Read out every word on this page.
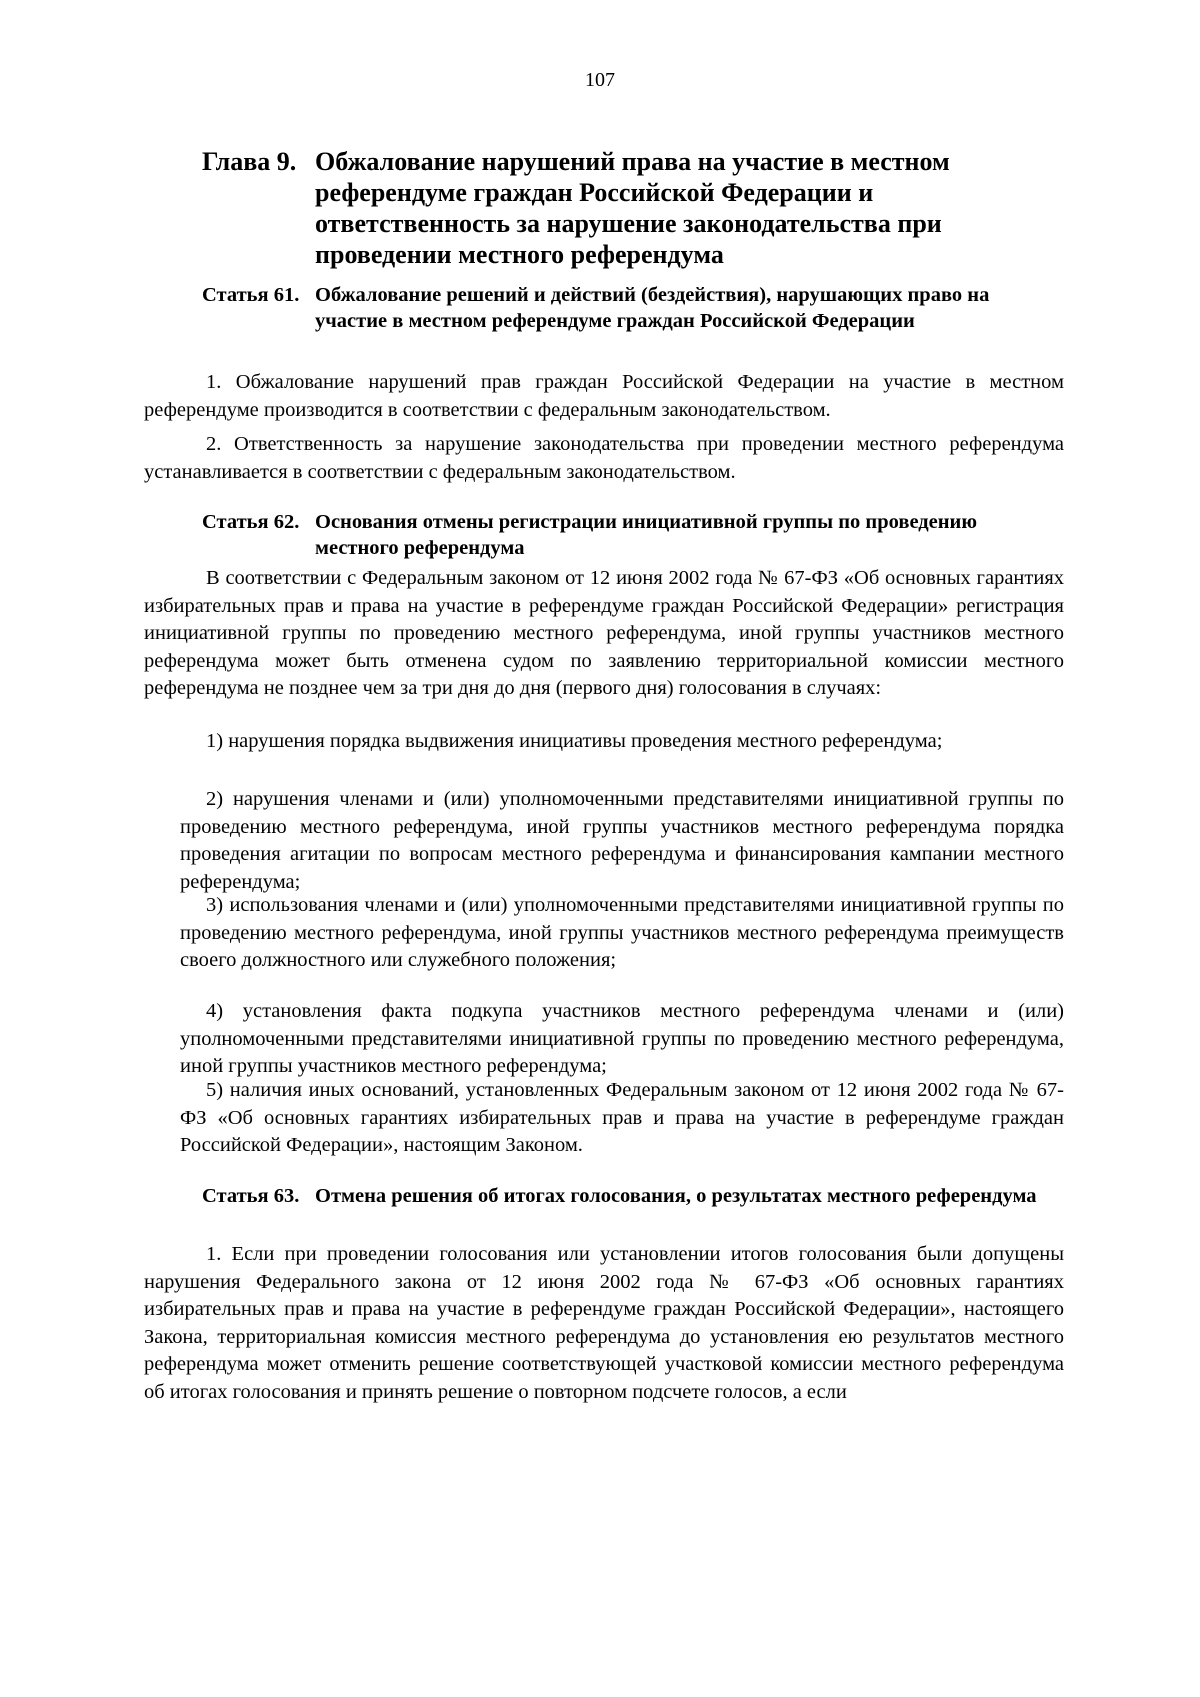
107
Глава 9. Обжалование нарушений права на участие в местном референдуме граждан Российской Федерации и ответственность за нарушение законодательства при проведении местного референдума
Статья 61. Обжалование решений и действий (бездействия), нарушающих право на участие в местном референдуме граждан Российской Федерации
1. Обжалование нарушений прав граждан Российской Федерации на участие в местном референдуме производится в соответствии с федеральным законодательством.
2. Ответственность за нарушение законодательства при проведении местного референдума устанавливается в соответствии с федеральным законодательством.
Статья 62. Основания отмены регистрации инициативной группы по проведению местного референдума
В соответствии с Федеральным законом от 12 июня 2002 года № 67-ФЗ «Об основных гарантиях избирательных прав и права на участие в референдуме граждан Российской Федерации» регистрация инициативной группы по проведению местного референдума, иной группы участников местного референдума может быть отменена судом по заявлению территориальной комиссии местного референдума не позднее чем за три дня до дня (первого дня) голосования в случаях:
1) нарушения порядка выдвижения инициативы проведения местного референдума;
2) нарушения членами и (или) уполномоченными представителями инициативной группы по проведению местного референдума, иной группы участников местного референдума порядка проведения агитации по вопросам местного референдума и финансирования кампании местного референдума;
3) использования членами и (или) уполномоченными представителями инициативной группы по проведению местного референдума, иной группы участников местного референдума преимуществ своего должностного или служебного положения;
4) установления факта подкупа участников местного референдума членами и (или) уполномоченными представителями инициативной группы по проведению местного референдума, иной группы участников местного референдума;
5) наличия иных оснований, установленных Федеральным законом от 12 июня 2002 года № 67-ФЗ «Об основных гарантиях избирательных прав и права на участие в референдуме граждан Российской Федерации», настоящим Законом.
Статья 63. Отмена решения об итогах голосования, о результатах местного референдума
1. Если при проведении голосования или установлении итогов голосования были допущены нарушения Федерального закона от 12 июня 2002 года № 67-ФЗ «Об основных гарантиях избирательных прав и права на участие в референдуме граждан Российской Федерации», настоящего Закона, территориальная комиссия местного референдума до установления ею результатов местного референдума может отменить решение соответствующей участковой комиссии местного референдума об итогах голосования и принять решение о повторном подсчете голосов, а если
